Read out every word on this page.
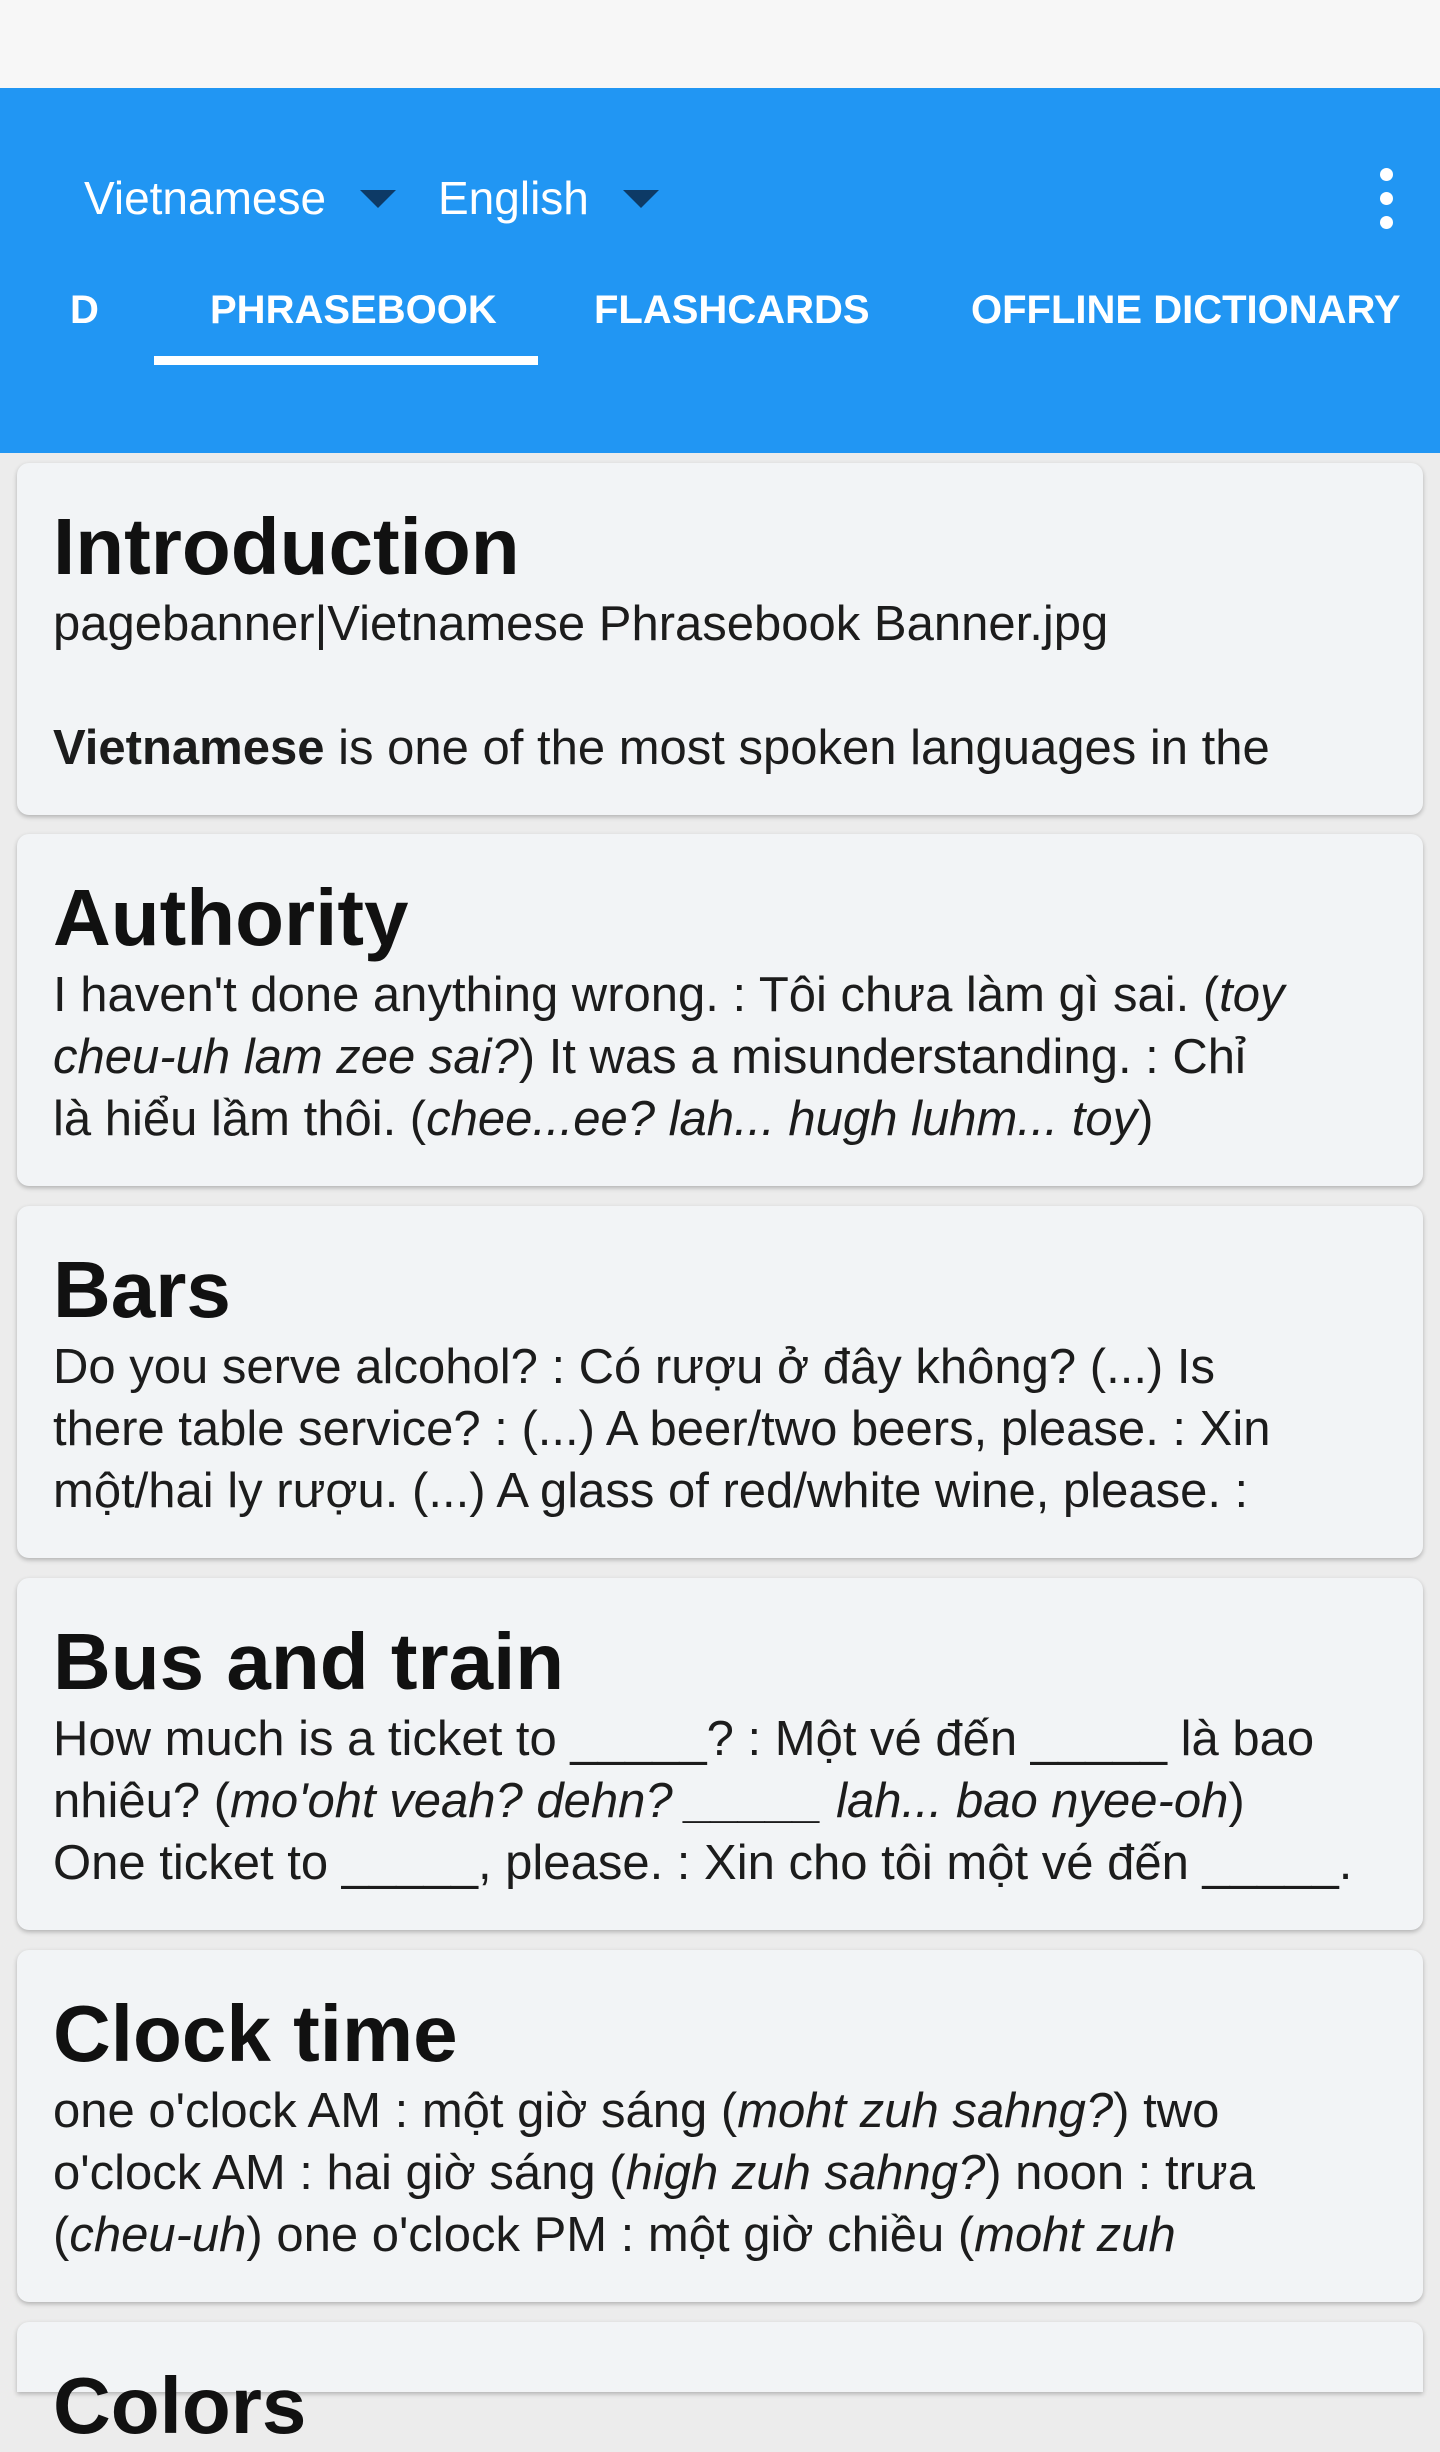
Vietnamese English
D	PHRASEBOOK FLASHCARDS	OFFLINE DICTIONARY
Introduction
pagebanner|Vietnamese Phrasebook Banner.jpg
Vietnamese is one of the most spoken languages in the
Authority
I haven't done anything wrong. : Tôi chưa làm gì sai. (toy
cheu-uh lam zee sai?) It was a misunderstanding. : Chỉ
là hiểu lầm thôi. (chee...ee? lah... hugh luhm... toy)
Bars
Do you serve alcohol? : Có rượu ở đây không? (...) Is
there table service? : (...) A beer/two beers, please. : Xin
một/hai ly rượu. (...) A glass of red/white wine, please. :
Bus and train
How much is a ticket to _____? : Một vé đến _____ là bao
nhiêu? (mo'oht veah? dehn? _____ lah... bao nyee-oh)
One ticket to _____, please. : Xin cho tôi một vé đến _____.
Clock time
one o'clock AM : một giờ sáng (moht zuh sahng?) two
o'clock AM : hai giờ sáng (high zuh sahng?) noon : trưa
(cheu-uh) one o'clock PM : một giờ chiều (moht zuh
Colors
